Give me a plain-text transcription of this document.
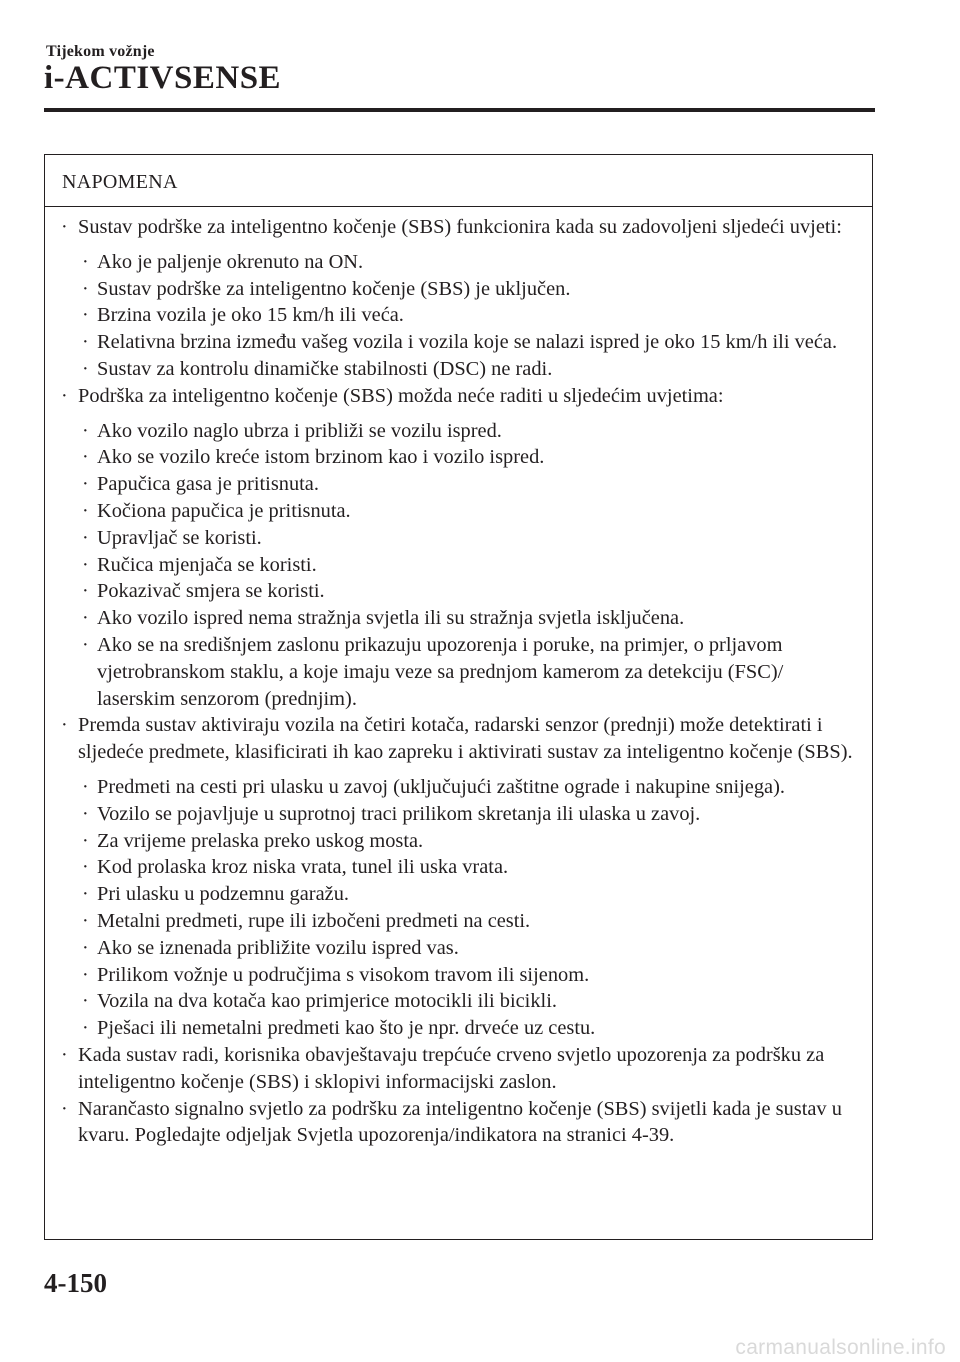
Tijekom vožnje
i-ACTIVSENSE
NAPOMENA
· Sustav podrške za inteligentno kočenje (SBS) funkcionira kada su zadovoljeni sljedeći uvjeti:
· Ako je paljenje okrenuto na ON.
· Sustav podrške za inteligentno kočenje (SBS) je uključen.
· Brzina vozila je oko 15 km/h ili veća.
· Relativna brzina između vašeg vozila i vozila koje se nalazi ispred je oko 15 km/h ili veća.
· Sustav za kontrolu dinamičke stabilnosti (DSC) ne radi.
· Podrška za inteligentno kočenje (SBS) možda neće raditi u sljedećim uvjetima:
· Ako vozilo naglo ubrza i približi se vozilu ispred.
· Ako se vozilo kreće istom brzinom kao i vozilo ispred.
· Papučica gasa je pritisnuta.
· Kočiona papučica je pritisnuta.
· Upravljač se koristi.
· Ručica mjenjača se koristi.
· Pokazivač smjera se koristi.
· Ako vozilo ispred nema stražnja svjetla ili su stražnja svjetla isključena.
· Ako se na središnjem zaslonu prikazuju upozorenja i poruke, na primjer, o prljavom vjetrobranskom staklu, a koje imaju veze sa prednjom kamerom za detekciju (FSC)/ laserskim senzorom (prednjim).
· Premda sustav aktiviraju vozila na četiri kotača, radarski senzor (prednji) može detektirati i sljedeće predmete, klasificirati ih kao zapreku i aktivirati sustav za inteligentno kočenje (SBS).
· Predmeti na cesti pri ulasku u zavoj (uključujući zaštitne ograde i nakupine snijega).
· Vozilo se pojavljuje u suprotnoj traci prilikom skretanja ili ulaska u zavoj.
· Za vrijeme prelaska preko uskog mosta.
· Kod prolaska kroz niska vrata, tunel ili uska vrata.
· Pri ulasku u podzemnu garažu.
· Metalni predmeti, rupe ili izbočeni predmeti na cesti.
· Ako se iznenada približite vozilu ispred vas.
· Prilikom vožnje u područjima s visokom travom ili sijenom.
· Vozila na dva kotača kao primjerice motocikli ili bicikli.
· Pješaci ili nemetalni predmeti kao što je npr. drveće uz cestu.
· Kada sustav radi, korisnika obavještavaju trepćuće crveno svjetlo upozorenja za podršku za inteligentno kočenje (SBS) i sklopivi informacijski zaslon.
· Narančasto signalno svjetlo za podršku za inteligentno kočenje (SBS) svijetli kada je sustav u kvaru. Pogledajte odjeljak Svjetla upozorenja/indikatora na stranici 4-39.
4-150
carmanualsonline.info
